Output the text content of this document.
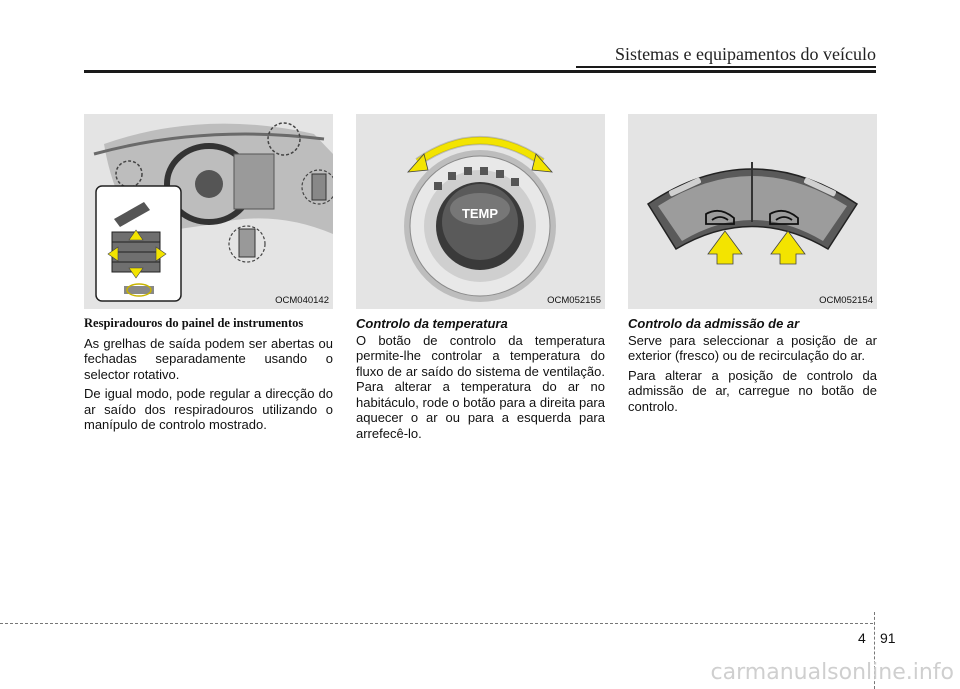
Sistemas e equipamentos do veículo
OCM040142
TEMP
OCM052155	OCM052154
Respiradouros do painel de instrumentos

As grelhas de saída podem ser abertas ou fechadas separadamente usando o selector rotativo.

De igual modo, pode regular a direcção do ar saído dos respiradouros utilizando o manípulo de controlo mostrado.

Controlo da temperatura

O botão de controlo da temperatura permite-lhe controlar a temperatura do fluxo de ar saído do sistema de ventilação. Para alterar a temperatura do ar no habitáculo, rode o botão para a direita para aquecer o ar ou para a esquerda para arrefecê-lo.

Controlo da admissão de ar

Serve para seleccionar a posição de ar exterior (fresco) ou de recirculação do ar.

Para alterar a posição de controlo da admissão de ar, carregue no botão de controlo.

4 91
carmanualsonline.info
